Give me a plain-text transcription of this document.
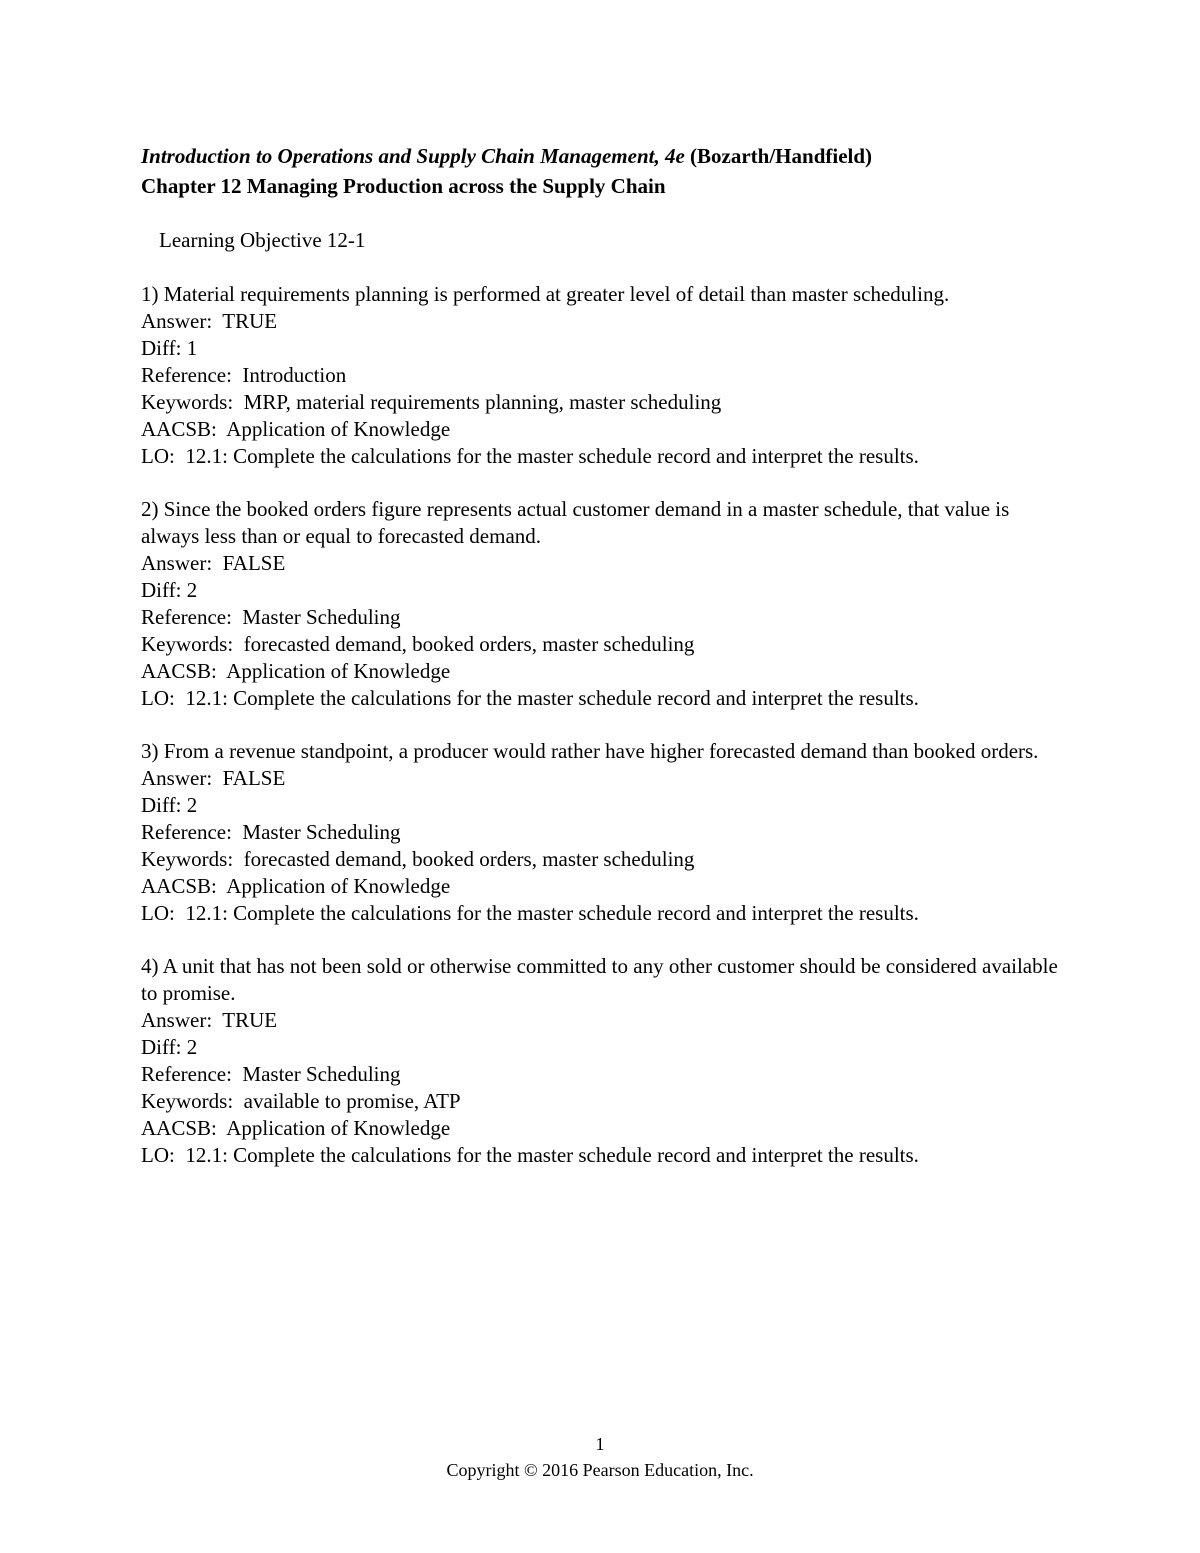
Introduction to Operations and Supply Chain Management, 4e (Bozarth/Handfield)
Chapter 12 Managing Production across the Supply Chain
Learning Objective 12-1
1) Material requirements planning is performed at greater level of detail than master scheduling.
Answer:  TRUE
Diff: 1
Reference:  Introduction
Keywords:  MRP, material requirements planning, master scheduling
AACSB:  Application of Knowledge
LO:  12.1: Complete the calculations for the master schedule record and interpret the results.
2) Since the booked orders figure represents actual customer demand in a master schedule, that value is always less than or equal to forecasted demand.
Answer:  FALSE
Diff: 2
Reference:  Master Scheduling
Keywords:  forecasted demand, booked orders, master scheduling
AACSB:  Application of Knowledge
LO:  12.1: Complete the calculations for the master schedule record and interpret the results.
3) From a revenue standpoint, a producer would rather have higher forecasted demand than booked orders.
Answer:  FALSE
Diff: 2
Reference:  Master Scheduling
Keywords:  forecasted demand, booked orders, master scheduling
AACSB:  Application of Knowledge
LO:  12.1: Complete the calculations for the master schedule record and interpret the results.
4) A unit that has not been sold or otherwise committed to any other customer should be considered available to promise.
Answer:  TRUE
Diff: 2
Reference:  Master Scheduling
Keywords:  available to promise, ATP
AACSB:  Application of Knowledge
LO:  12.1: Complete the calculations for the master schedule record and interpret the results.
1
Copyright © 2016 Pearson Education, Inc.
